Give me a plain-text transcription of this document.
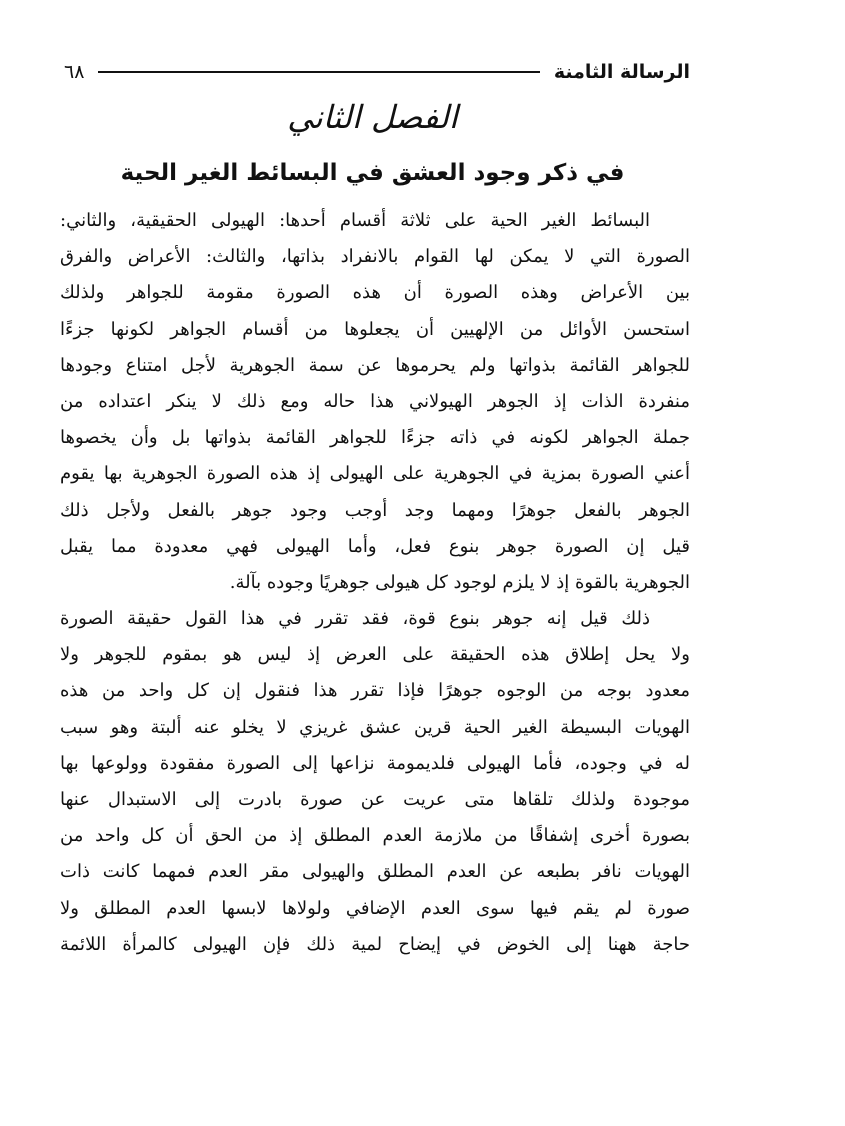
الرسالة الثامنة
٦٨
الفصل الثاني
في ذكر وجود العشق في البسائط الغير الحية
البسائط الغير الحية على ثلاثة أقسام أحدها: الهيولى الحقيقية، والثاني:
الصورة التي لا يمكن لها القوام بالانفراد بذاتها، والثالث: الأعراض والفرق
بين الأعراض وهذه الصورة أن هذه الصورة مقومة للجواهر ولذلك
استحسن الأوائل من الإلهيين أن يجعلوها من أقسام الجواهر لكونها جزءًا
للجواهر القائمة بذواتها ولم يحرموها عن سمة الجوهرية لأجل امتناع وجودها
منفردة الذات إذ الجوهر الهيولاني هذا حاله ومع ذلك لا ينكر اعتداده من
جملة الجواهر لكونه في ذاته جزءًا للجواهر القائمة بذواتها بل وأن يخصوها
أعني الصورة بمزية في الجوهرية على الهيولى إذ هذه الصورة الجوهرية بها يقوم
الجوهر بالفعل جوهرًا ومهما وجد أوجب وجود جوهر بالفعل ولأجل ذلك
قيل إن الصورة جوهر بنوع فعل، وأما الهيولى فهي معدودة مما يقبل
الجوهرية بالقوة إذ لا يلزم لوجود كل هيولى جوهريًا وجوده بآلة.
ذلك قيل إنه جوهر بنوع قوة، فقد تقرر في هذا القول حقيقة الصورة
ولا يحل إطلاق هذه الحقيقة على العرض إذ ليس هو بمقوم للجوهر ولا
معدود بوجه من الوجوه جوهرًا فإذا تقرر هذا فنقول إن كل واحد من هذه
الهويات البسيطة الغير الحية قرين عشق غريزي لا يخلو عنه ألبتة وهو سبب
له في وجوده، فأما الهيولى فلديمومة نزاعها إلى الصورة مفقودة وولوعها بها
موجودة ولذلك تلقاها متى عريت عن صورة بادرت إلى الاستبدال عنها
بصورة أخرى إشفاقًا من ملازمة العدم المطلق إذ من الحق أن كل واحد من
الهويات نافر بطبعه عن العدم المطلق والهيولى مقر العدم فمهما كانت ذات
صورة لم يقم فيها سوى العدم الإضافي ولولاها لابسها العدم المطلق ولا
حاجة ههنا إلى الخوض في إيضاح لمية ذلك فإن الهيولى كالمرأة اللائمة
